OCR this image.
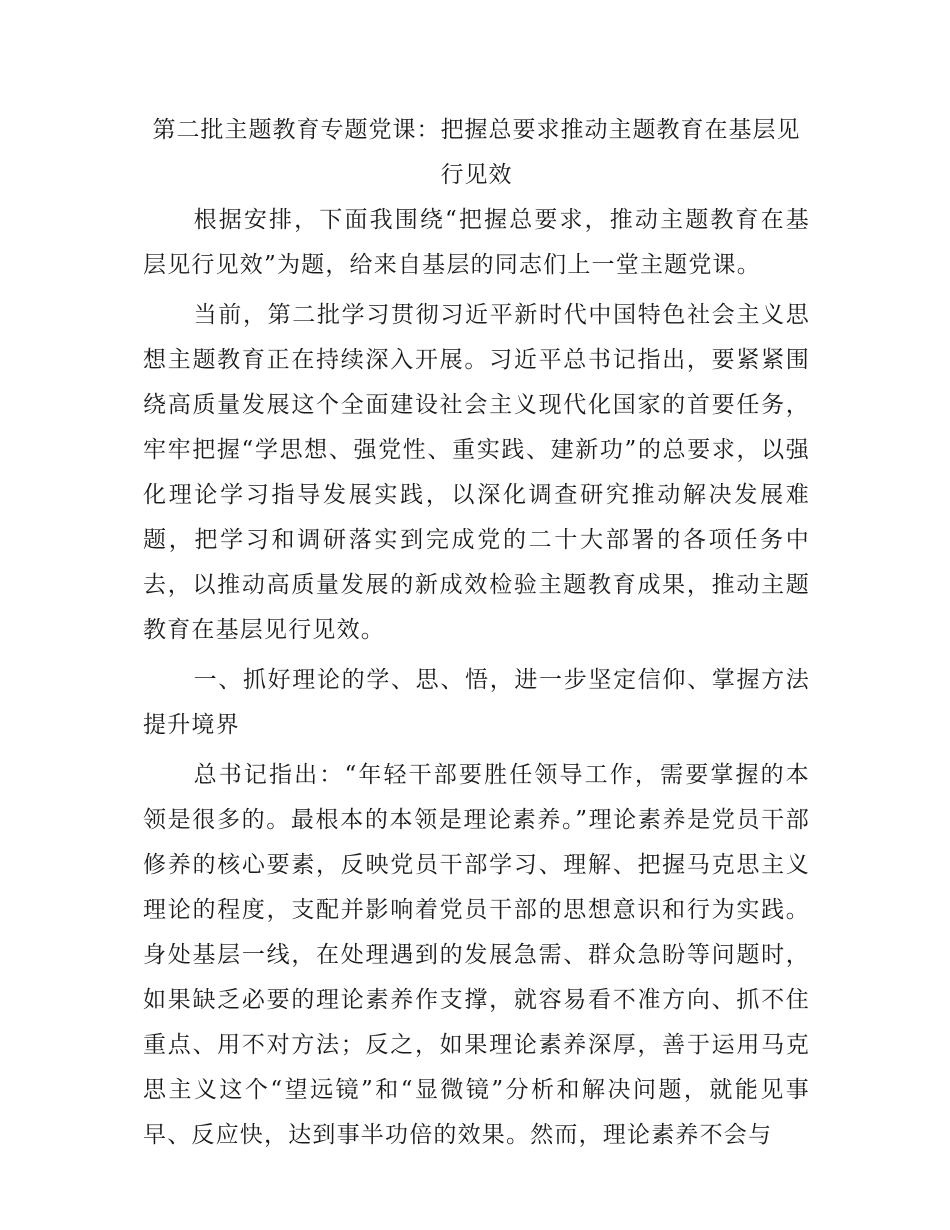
第二批主题教育专题党课：把握总要求推动主题教育在基层见行见效

根据安排，下面我围绕“把握总要求，推动主题教育在基层见行见效”为题，给来自基层的同志们上一堂主题党课。

当前，第二批学习贯彻习近平新时代中国特色社会主义思想主题教育正在持续深入开展。习近平总书记指出，要紧紧围绕高质量发展这个全面建设社会主义现代化国家的首要任务，牢牢把握“学思想、强党性、重实践、建新功”的总要求，以强化理论学习指导发展实践，以深化调查研究推动解决发展难题，把学习和调研落实到完成党的二十大部署的各项任务中去，以推动高质量发展的新成效检验主题教育成果，推动主题教育在基层见行见效。

一、抓好理论的学、思、悟，进一步坚定信仰、掌握方法提升境界

总书记指出：“年轻干部要胜任领导工作，需要掌握的本领是很多的。最根本的本领是理论素养。”理论素养是党员干部修养的核心要素，反映党员干部学习、理解、把握马克思主义理论的程度，支配并影响着党员干部的思想意识和行为实践。身处基层一线，在处理遇到的发展急需、群众急盼等问题时，如果缺乏必要的理论素养作支撑，就容易看不准方向、抓不住重点、用不对方法；反之，如果理论素养深厚，善于运用马克思主义这个“望远镜”和“显微镜”分析和解决问题，就能见事早、反应快，达到事半功倍的效果。然而，理论素养不会与
